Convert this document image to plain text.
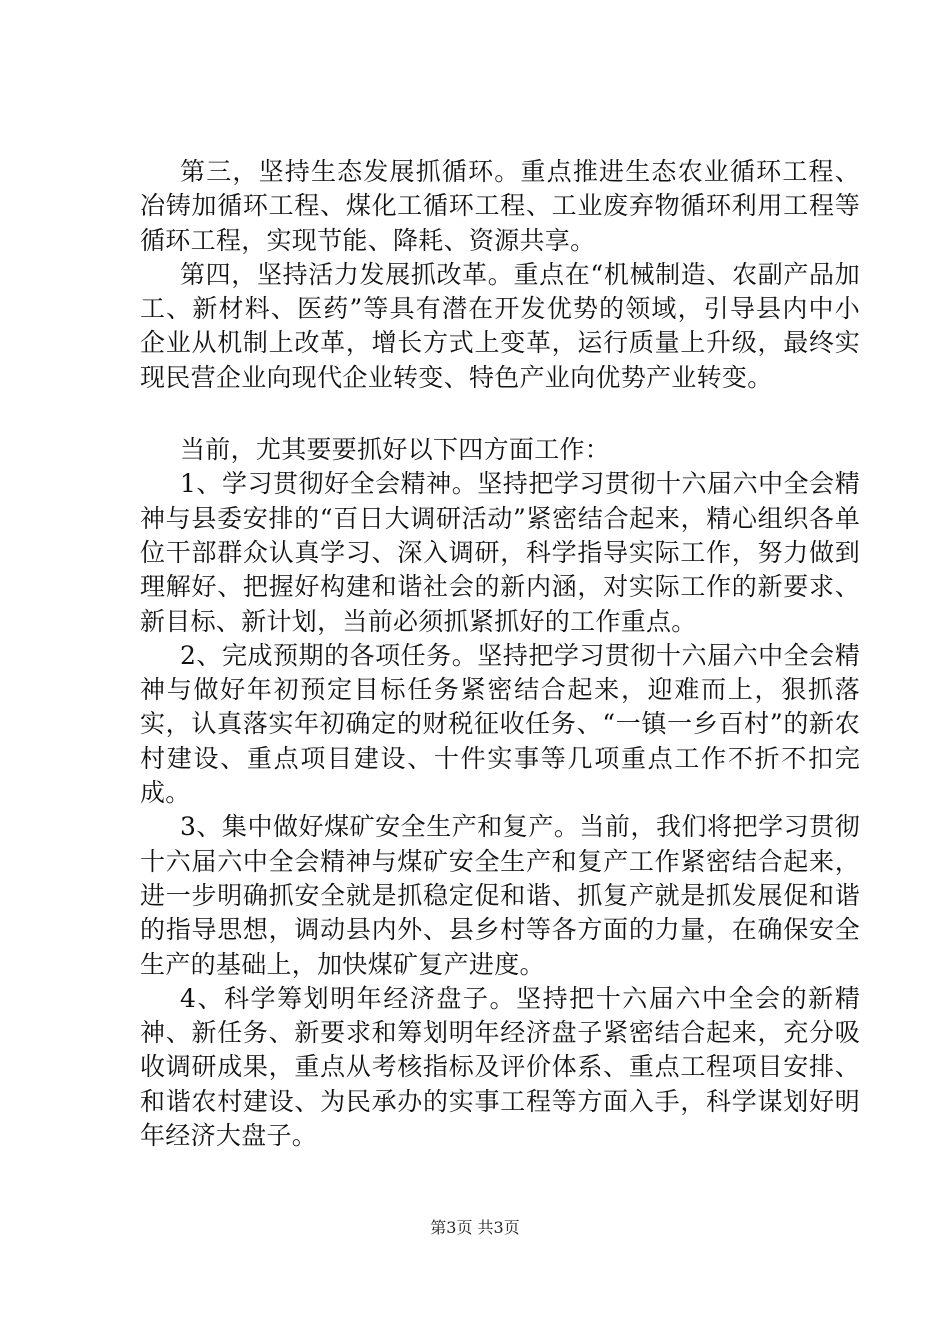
第三，坚持生态发展抓循环。重点推进生态农业循环工程、冶铸加循环工程、煤化工循环工程、工业废弃物循环利用工程等循环工程，实现节能、降耗、资源共享。

第四，坚持活力发展抓改革。重点在“机械制造、农副产品加工、新材料、医药”等具有潜在开发优势的领域，引导县内中小企业从机制上改革，增长方式上变革，运行质量上升级，最终实现民营企业向现代企业转变、特色产业向优势产业转变。

当前，尤其要要抓好以下四方面工作：

1、学习贯彻好全会精神。坚持把学习贯彻十六届六中全会精神与县委安排的“百日大调研活动”紧密结合起来，精心组织各单位干部群众认真学习、深入调研，科学指导实际工作，努力做到理解好、把握好构建和谐社会的新内涵，对实际工作的新要求、新目标、新计划，当前必须抓紧抓好的工作重点。

2、完成预期的各项任务。坚持把学习贯彻十六届六中全会精神与做好年初预定目标任务紧密结合起来，迎难而上，狠抓落实，认真落实年初确定的财税征收任务、“一镇一乡百村”的新农村建设、重点项目建设、十件实事等几项重点工作不折不扣完成。

3、集中做好煤矿安全生产和复产。当前，我们将把学习贯彻十六届六中全会精神与煤矿安全生产和复产工作紧密结合起来，进一步明确抓安全就是抓稳定促和谐、抓复产就是抓发展促和谐的指导思想，调动县内外、县乡村等各方面的力量，在确保安全生产的基础上，加快煤矿复产进度。

4、科学筹划明年经济盘子。坚持把十六届六中全会的新精神、新任务、新要求和筹划明年经济盘子紧密结合起来，充分吸收调研成果，重点从考核指标及评价体系、重点工程项目安排、和谐农村建设、为民承办的实事工程等方面入手，科学谋划好明年经济大盘子。

第3页 共3页
